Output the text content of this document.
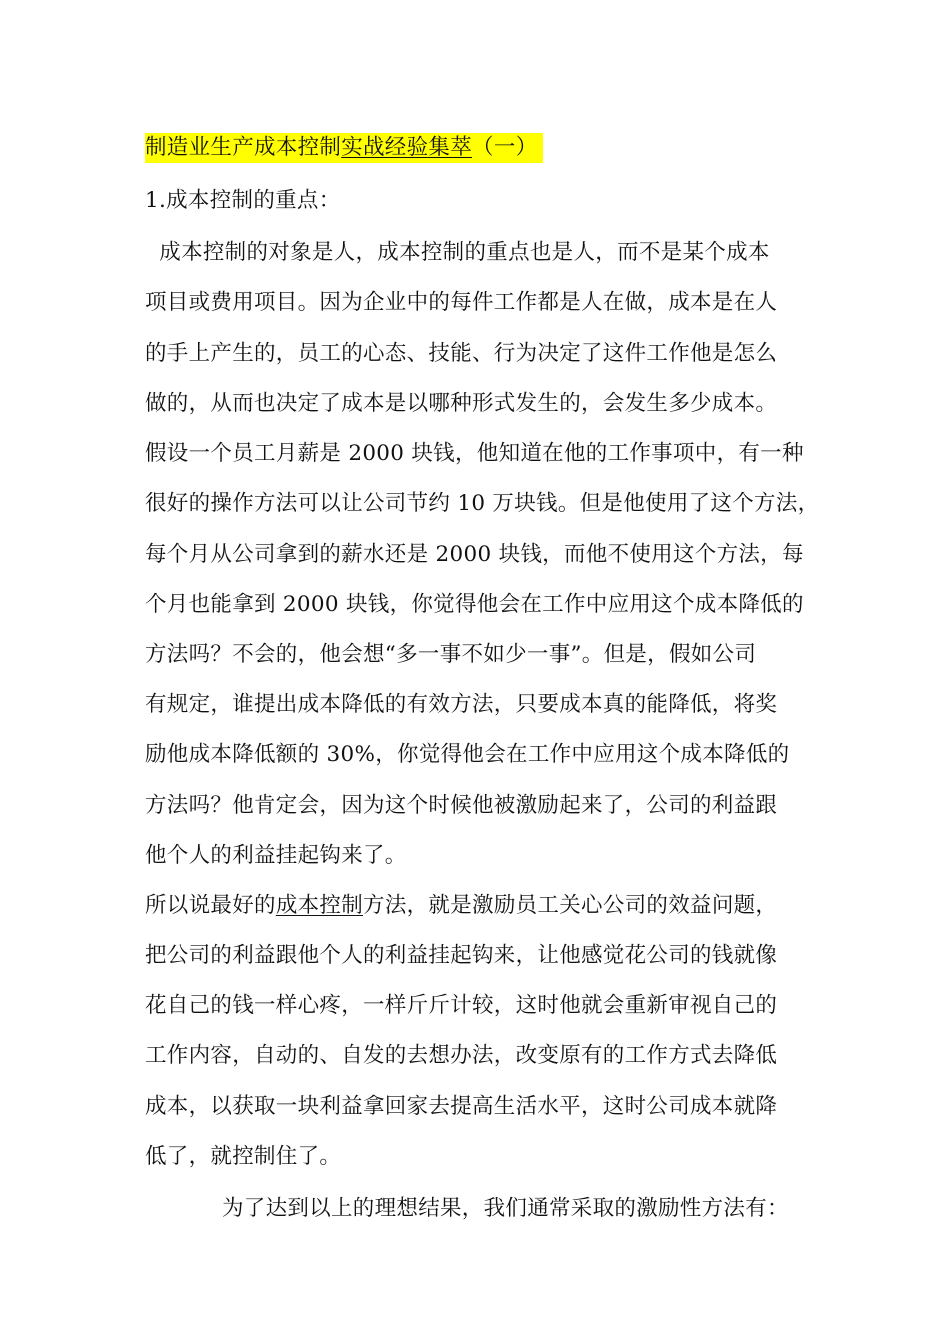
制造业生产成本控制实战经验集萃（一）
1.成本控制的重点：
成本控制的对象是人，成本控制的重点也是人，而不是某个成本
项目或费用项目。因为企业中的每件工作都是人在做，成本是在人
的手上产生的，员工的心态、技能、行为决定了这件工作他是怎么
做的，从而也决定了成本是以哪种形式发生的，会发生多少成本。
假设一个员工月薪是 2000 块钱，他知道在他的工作事项中，有一种
很好的操作方法可以让公司节约 10 万块钱。但是他使用了这个方法，
每个月从公司拿到的薪水还是 2000 块钱，而他不使用这个方法，每
个月也能拿到 2000 块钱，你觉得他会在工作中应用这个成本降低的
方法吗？不会的，他会想“多一事不如少一事”。但是，假如公司
有规定，谁提出成本降低的有效方法，只要成本真的能降低，将奖
励他成本降低额的 30%，你觉得他会在工作中应用这个成本降低的
方法吗？他肯定会，因为这个时候他被激励起来了，公司的利益跟
他个人的利益挂起钩来了。
所以说最好的成本控制方法，就是激励员工关心公司的效益问题，
把公司的利益跟他个人的利益挂起钩来，让他感觉花公司的钱就像
花自己的钱一样心疼，一样斤斤计较，这时他就会重新审视自己的
工作内容，自动的、自发的去想办法，改变原有的工作方式去降低
成本，以获取一块利益拿回家去提高生活水平，这时公司成本就降
低了，就控制住了。
为了达到以上的理想结果，我们通常采取的激励性方法有：
